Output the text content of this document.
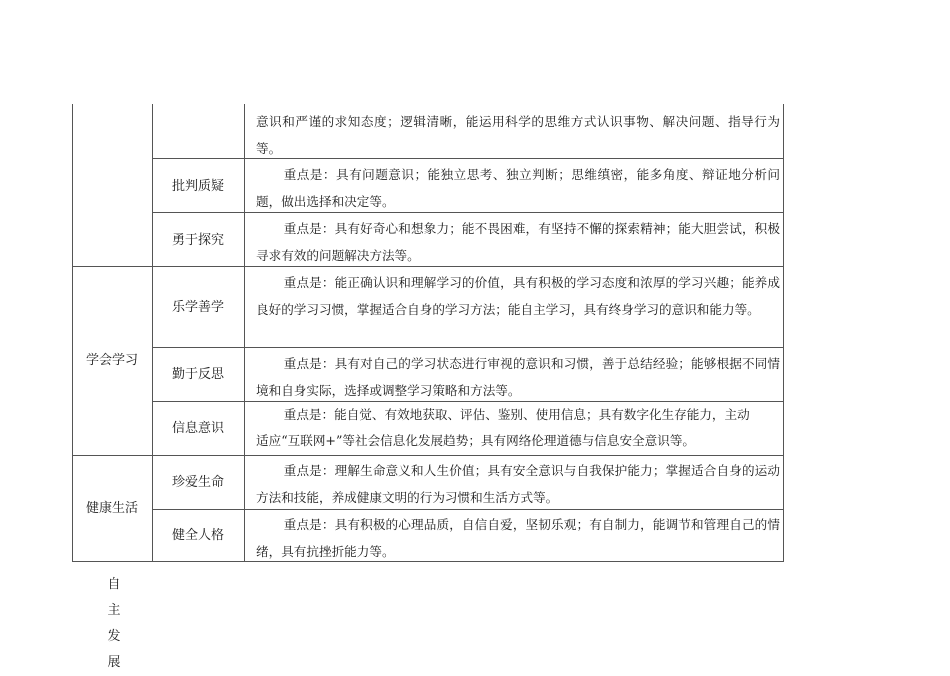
学会学习
健康生活
意识和严谨的求知态度；逻辑清晰，能运用科学的思维方式认识事物、解决问题、指导行为等。
批判质疑
重点是：具有问题意识；能独立思考、独立判断；思维缜密，能多角度、辩证地分析问题，做出选择和决定等。
勇于探究
重点是：具有好奇心和想象力；能不畏困难，有坚持不懈的探索精神；能大胆尝试，积极寻求有效的问题解决方法等。
乐学善学
重点是：能正确认识和理解学习的价值，具有积极的学习态度和浓厚的学习兴趣；能养成良好的学习习惯，掌握适合自身的学习方法；能自主学习，具有终身学习的意识和能力等。
勤于反思
重点是：具有对自己的学习状态进行审视的意识和习惯，善于总结经验；能够根据不同情境和自身实际，选择或调整学习策略和方法等。
信息意识
重点是：能自觉、有效地获取、评估、鉴别、使用信息；具有数字化生存能力，主动
适应“互联网+”等社会信息化发展趋势；具有网络伦理道德与信息安全意识等。
珍爱生命
重点是：理解生命意义和人生价值；具有安全意识与自我保护能力；掌握适合自身的运动方法和技能，养成健康文明的行为习惯和生活方式等。
健全人格
重点是：具有积极的心理品质，自信自爱，坚韧乐观；有自制力，能调节和管理自己的情绪，具有抗挫折能力等。
自
主
发
展
